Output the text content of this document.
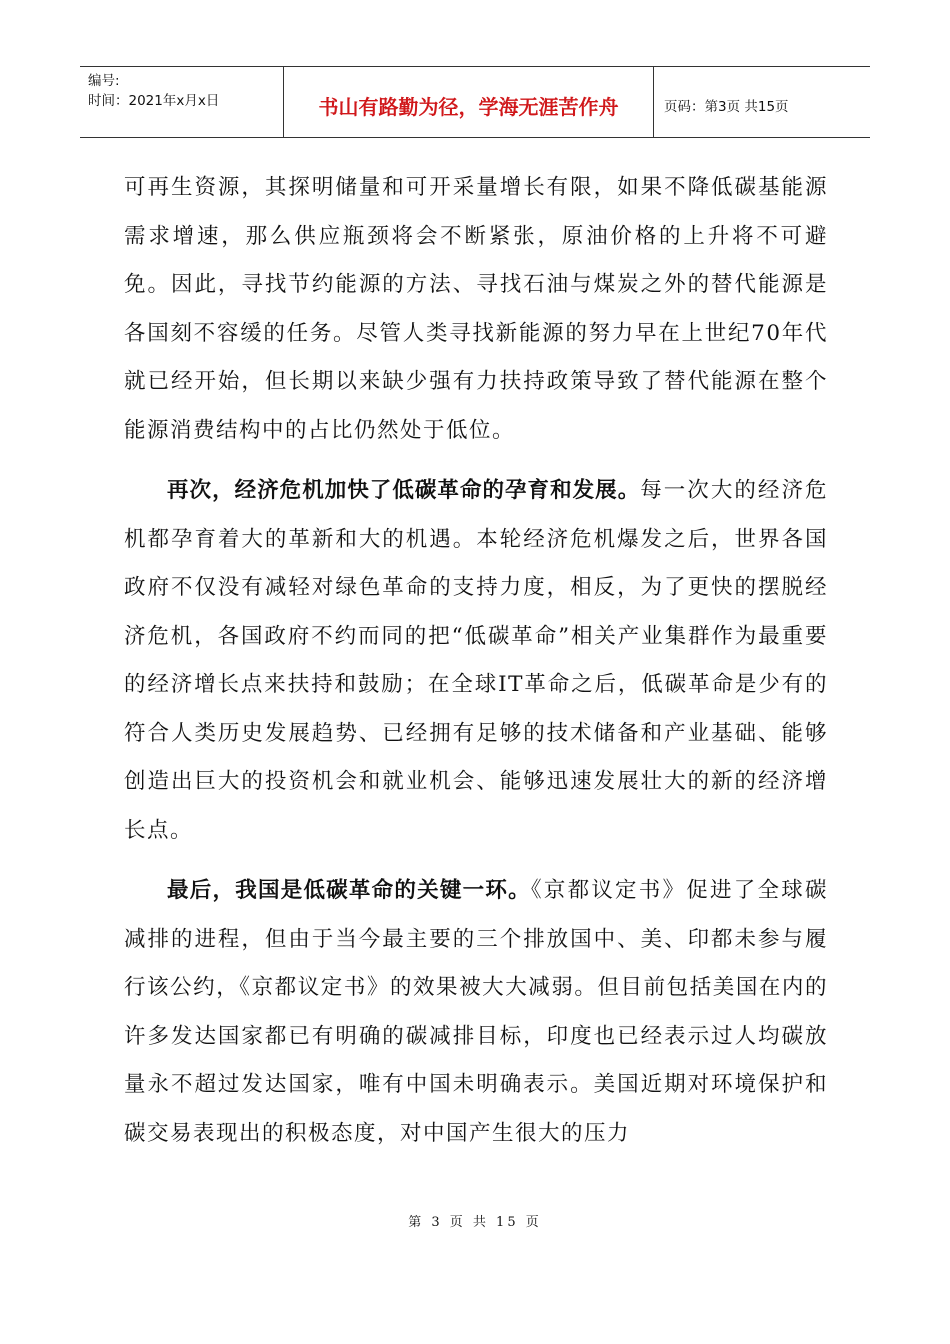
编号:
时间：2021年x月x日	书山有路勤为径，学海无涯苦作舟	页码：第3页 共15页

可再生资源，其探明储量和可开采量增长有限，如果不降低碳基能源需求增速，那么供应瓶颈将会不断紧张，原油价格的上升将不可避免。因此，寻找节约能源的方法、寻找石油与煤炭之外的替代能源是各国刻不容缓的任务。尽管人类寻找新能源的努力早在上世纪70年代就已经开始，但长期以来缺少强有力扶持政策导致了替代能源在整个能源消费结构中的占比仍然处于低位。

再次，经济危机加快了低碳革命的孕育和发展。每一次大的经济危机都孕育着大的革新和大的机遇。本轮经济危机爆发之后，世界各国政府不仅没有减轻对绿色革命的支持力度，相反，为了更快的摆脱经济危机，各国政府不约而同的把“低碳革命”相关产业集群作为最重要的经济增长点来扶持和鼓励；在全球IT革命之后，低碳革命是少有的符合人类历史发展趋势、已经拥有足够的技术储备和产业基础、能够创造出巨大的投资机会和就业机会、能够迅速发展壮大的新的经济增长点。

最后，我国是低碳革命的关键一环。《京都议定书》促进了全球碳减排的进程，但由于当今最主要的三个排放国中、美、印都未参与履行该公约，《京都议定书》的效果被大大减弱。但目前包括美国在内的许多发达国家都已有明确的碳减排目标，印度也已经表示过人均碳放量永不超过发达国家，唯有中国未明确表示。美国近期对环境保护和碳交易表现出的积极态度，对中国产生很大的压力

第 3 页 共 15 页
